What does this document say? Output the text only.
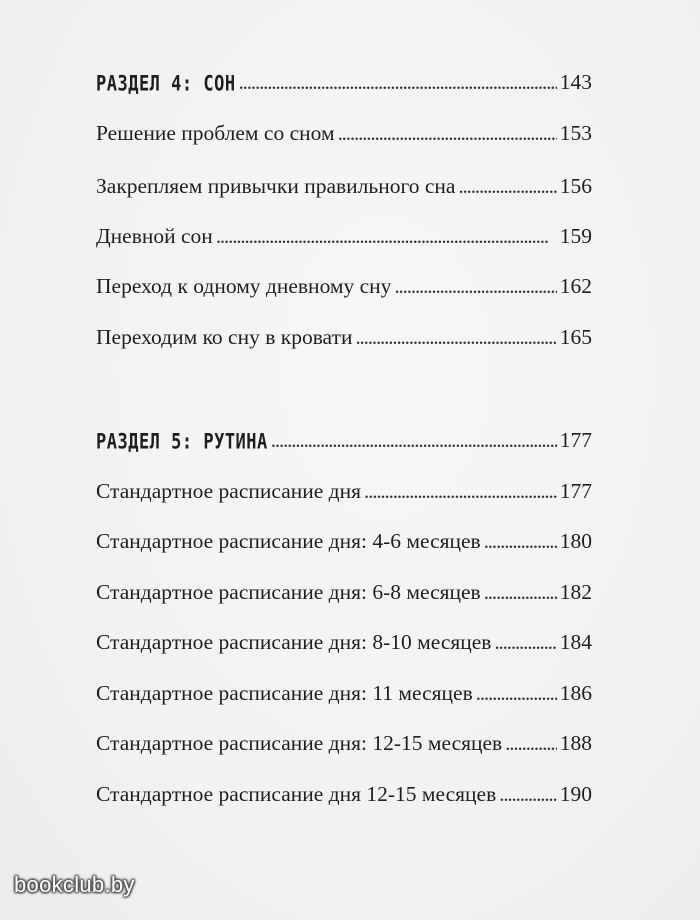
РАЗДЕЛ 4: СОН . . .	143
Решение проблем со сном . . .	153
Закрепляем привычки правильного сна . . .	156
Дневной сон . . .	159
Переход к одному дневному сну . . .	162
Переходим ко сну в кровати . . .	165
РАЗДЕЛ 5: РУТИНА . . .	177
Стандартное расписание дня . . .	177
Стандартное расписание дня: 4-6 месяцев . . .	180
Стандартное расписание дня: 6-8 месяцев . . .	182
Стандартное расписание дня: 8-10 месяцев . . .	184
Стандартное расписание дня: 11 месяцев . . .	186
Стандартное расписание дня: 12-15 месяцев . . .	188
Стандартное расписание дня 12-15 месяцев . . .	190
bookclub.by
